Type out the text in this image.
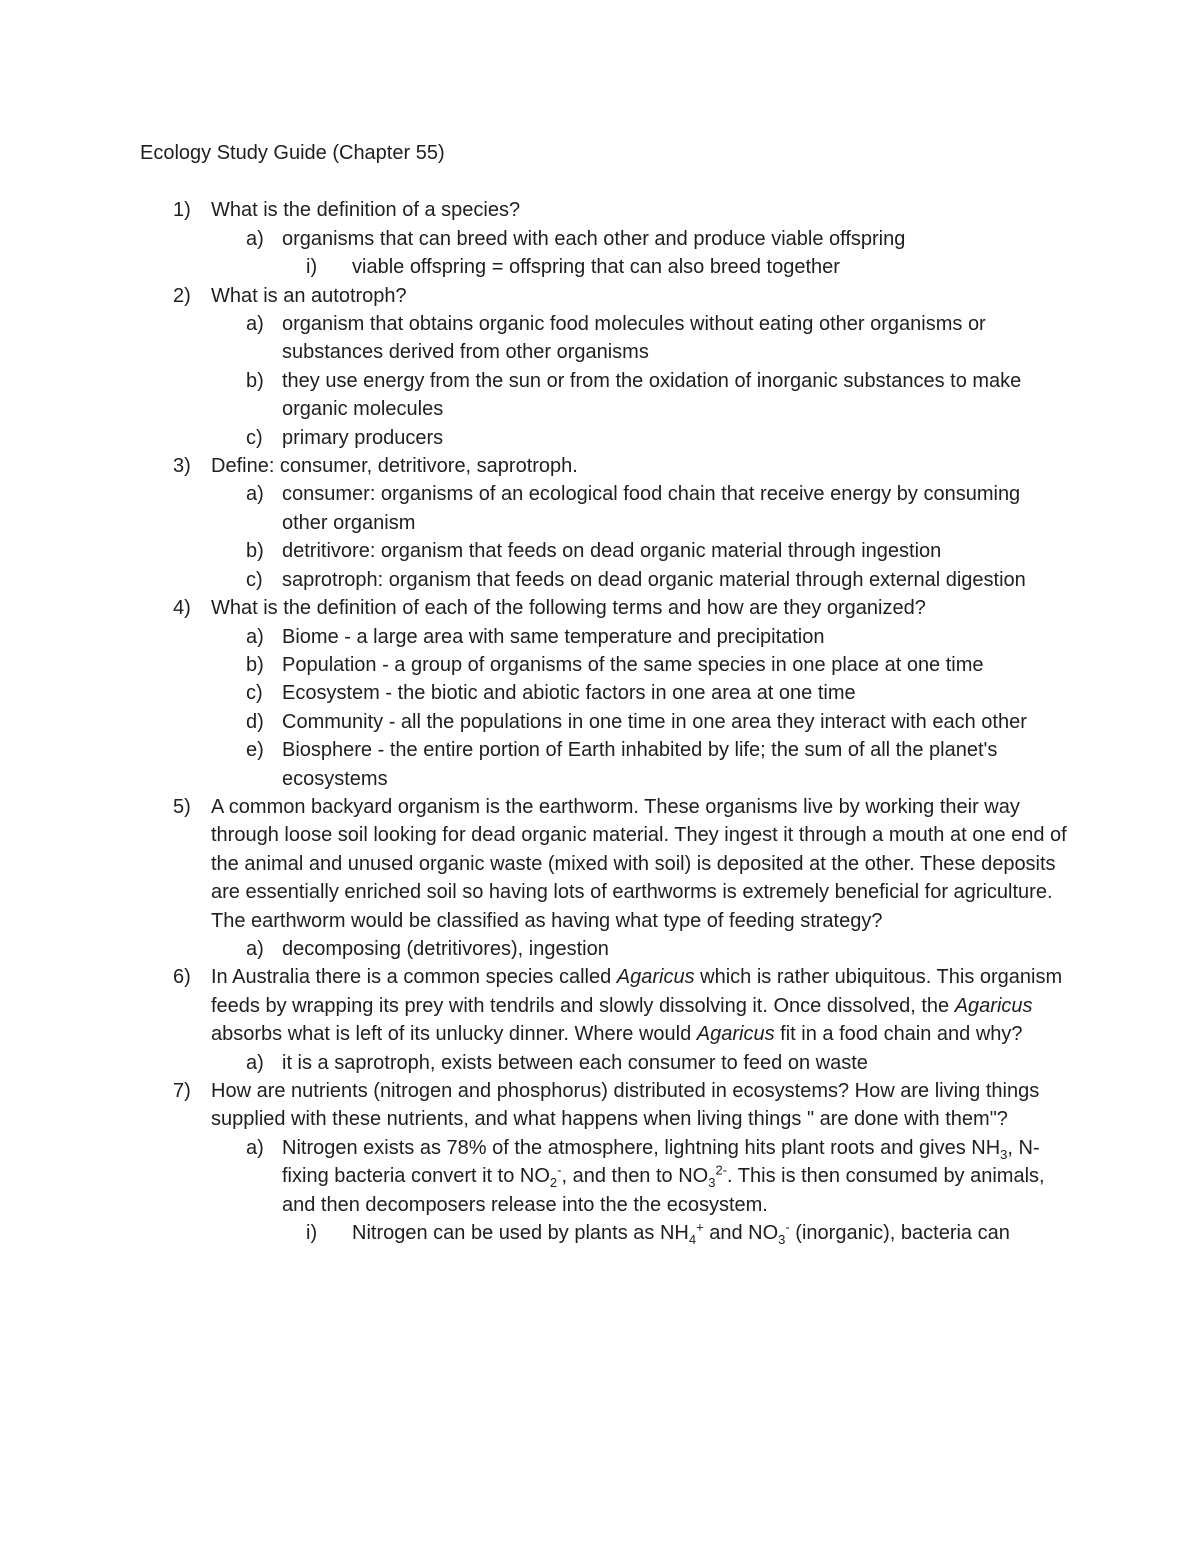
Ecology Study Guide (Chapter 55)
1) What is the definition of a species?
a) organisms that can breed with each other and produce viable offspring
i) viable offspring = offspring that can also breed together
2) What is an autotroph?
a) organism that obtains organic food molecules without eating other organisms or substances derived from other organisms
b) they use energy from the sun or from the oxidation of inorganic substances to make organic molecules
c) primary producers
3) Define: consumer, detritivore, saprotroph.
a) consumer: organisms of an ecological food chain that receive energy by consuming other organism
b) detritivore: organism that feeds on dead organic material through ingestion
c) saprotroph: organism that feeds on dead organic material through external digestion
4) What is the definition of each of the following terms and how are they organized?
a) Biome - a large area with same temperature and precipitation
b) Population - a group of organisms of the same species in one place at one time
c) Ecosystem - the biotic and abiotic factors in one area at one time
d) Community - all the populations in one time in one area they interact with each other
e) Biosphere - the entire portion of Earth inhabited by life; the sum of all the planet's ecosystems
5) A common backyard organism is the earthworm. These organisms live by working their way through loose soil looking for dead organic material. They ingest it through a mouth at one end of the animal and unused organic waste (mixed with soil) is deposited at the other. These deposits are essentially enriched soil so having lots of earthworms is extremely beneficial for agriculture. The earthworm would be classified as having what type of feeding strategy?
a) decomposing (detritivores), ingestion
6) In Australia there is a common species called Agaricus which is rather ubiquitous. This organism feeds by wrapping its prey with tendrils and slowly dissolving it. Once dissolved, the Agaricus absorbs what is left of its unlucky dinner. Where would Agaricus fit in a food chain and why?
a) it is a saprotroph, exists between each consumer to feed on waste
7) How are nutrients (nitrogen and phosphorus) distributed in ecosystems? How are living things supplied with these nutrients, and what happens when living things " are done with them"?
a) Nitrogen exists as 78% of the atmosphere, lightning hits plant roots and gives $NH_3$, N-fixing bacteria convert it to $NO_2^-$, and then to $NO_3^{2-}$. This is then consumed by animals, and then decomposers release into the the ecosystem.
i) Nitrogen can be used by plants as $NH_4^+$ and $NO_3^-$ (inorganic), bacteria can
